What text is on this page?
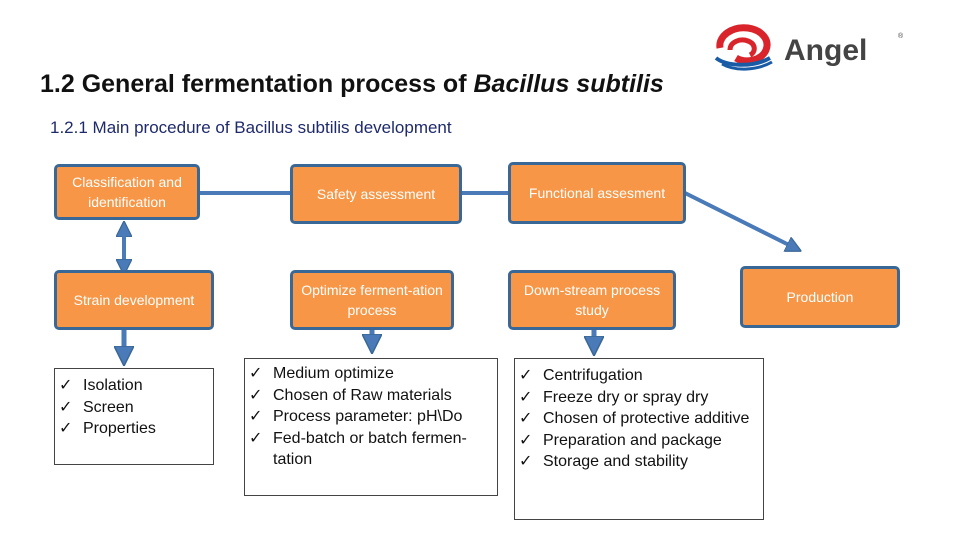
1.2 General fermentation process of Bacillus subtilis
1.2.1 Main procedure of Bacillus subtilis development
Angel	®
Classification and identification
Safety assessment	Functional assesment
Strain development
Optimize ferment-ation process
Down-stream process study
Production
✓ Isolation
✓ Screen
✓ Properties
✓ Medium optimize
✓ Chosen of Raw materials
✓ Process parameter: pH\Do
✓ Fed-batch or batch fermen-tation
✓ Centrifugation
✓ Freeze dry or spray dry
✓ Chosen of protective additive
✓ Preparation and package
✓ Storage and stability
